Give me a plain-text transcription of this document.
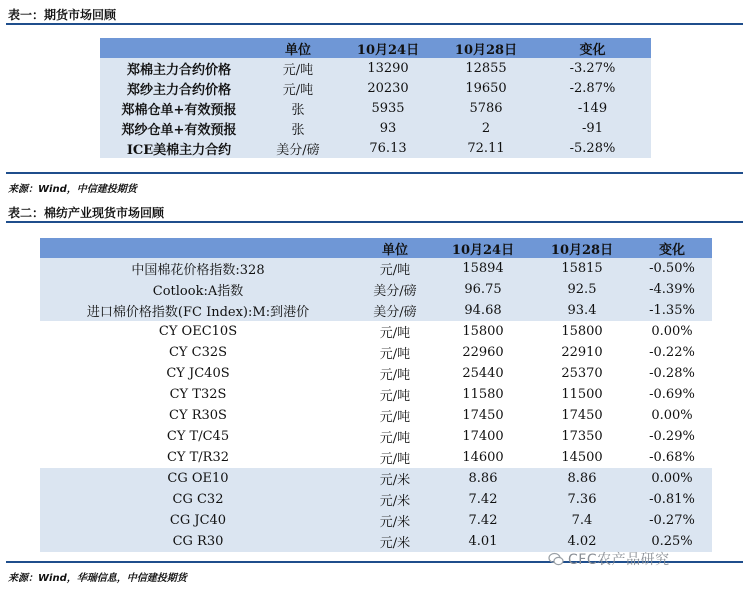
表一：期货市场回顾
	单位	10月24日	10月28日	变化
郑棉主力合约价格	元/吨	13290	12855	-3.27%
郑纱主力合约价格	元/吨	20230	19650	-2.87%
郑棉仓单+有效预报	张	5935	5786	-149
郑纱仓单+有效预报	张	93	2	-91
ICE美棉主力合约	美分/磅	76.13	72.11	-5.28%
来源：Wind，中信建投期货
表二：棉纺产业现货市场回顾
	单位	10月24日	10月28日	变化
中国棉花价格指数:328	元/吨	15894	15815	-0.50%
Cotlook:A指数	美分/磅	96.75	92.5	-4.39%
进口棉价格指数(FC Index):M:到港价	美分/磅	94.68	93.4	-1.35%
CY OEC10S	元/吨	15800	15800	0.00%
CY C32S	元/吨	22960	22910	-0.22%
CY JC40S	元/吨	25440	25370	-0.28%
CY T32S	元/吨	11580	11500	-0.69%
CY R30S	元/吨	17450	17450	0.00%
CY T/C45	元/吨	17400	17350	-0.29%
CY T/R32	元/吨	14600	14500	-0.68%
CG OE10	元/米	8.86	8.86	0.00%
CG C32	元/米	7.42	7.36	-0.81%
CG JC40	元/米	7.42	7.4	-0.27%
CG R30	元/米	4.01	4.02	0.25%
来源：Wind，华瑞信息，中信建投期货
CFC农产品研究
